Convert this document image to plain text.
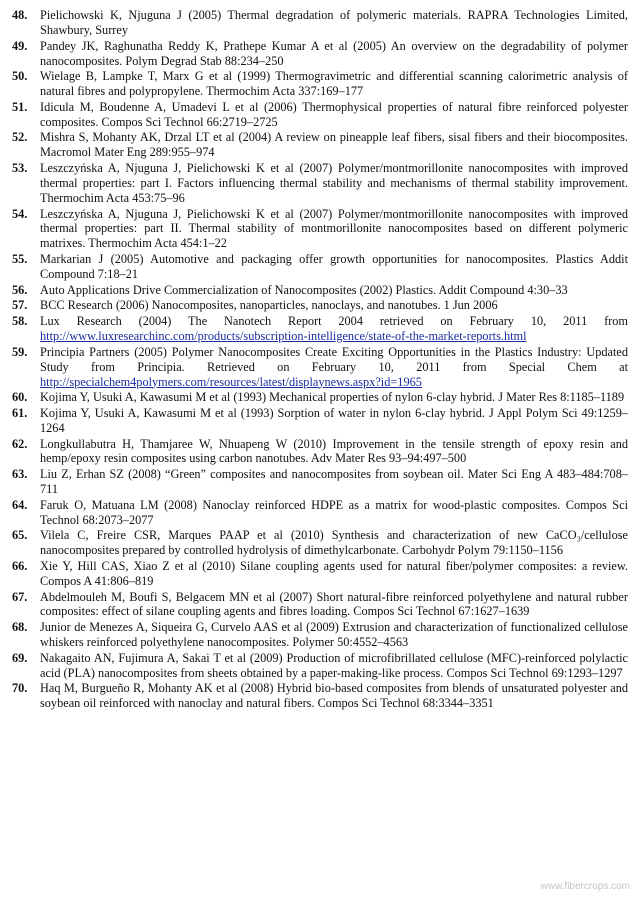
48. Pielichowski K, Njuguna J (2005) Thermal degradation of polymeric materials. RAPRA Technologies Limited, Shawbury, Surrey
49. Pandey JK, Raghunatha Reddy K, Prathepe Kumar A et al (2005) An overview on the degradability of polymer nanocomposites. Polym Degrad Stab 88:234–250
50. Wielage B, Lampke T, Marx G et al (1999) Thermogravimetric and differential scanning calorimetric analysis of natural fibres and polypropylene. Thermochim Acta 337:169–177
51. Idicula M, Boudenne A, Umadevi L et al (2006) Thermophysical properties of natural fibre reinforced polyester composites. Compos Sci Technol 66:2719–2725
52. Mishra S, Mohanty AK, Drzal LT et al (2004) A review on pineapple leaf fibers, sisal fibers and their biocomposites. Macromol Mater Eng 289:955–974
53. Leszczyńska A, Njuguna J, Pielichowski K et al (2007) Polymer/montmorillonite nanocomposites with improved thermal properties: part I. Factors influencing thermal stability and mechanisms of thermal stability improvement. Thermochim Acta 453:75–96
54. Leszczyńska A, Njuguna J, Pielichowski K et al (2007) Polymer/montmorillonite nanocomposites with improved thermal properties: part II. Thermal stability of montmorillonite nanocomposites based on different polymeric matrixes. Thermochim Acta 454:1–22
55. Markarian J (2005) Automotive and packaging offer growth opportunities for nanocomposites. Plastics Addit Compound 7:18–21
56. Auto Applications Drive Commercialization of Nanocomposites (2002) Plastics. Addit Compound 4:30–33
57. BCC Research (2006) Nanocomposites, nanoparticles, nanoclays, and nanotubes. 1 Jun 2006
58. Lux Research (2004) The Nanotech Report 2004 retrieved on February 10, 2011 from http://www.luxresearchinc.com/products/subscription-intelligence/state-of-the-market-reports.html
59. Principia Partners (2005) Polymer Nanocomposites Create Exciting Opportunities in the Plastics Industry: Updated Study from Principia. Retrieved on February 10, 2011 from Special Chem at http://specialchem4polymers.com/resources/latest/displaynews.aspx?id=1965
60. Kojima Y, Usuki A, Kawasumi M et al (1993) Mechanical properties of nylon 6-clay hybrid. J Mater Res 8:1185–1189
61. Kojima Y, Usuki A, Kawasumi M et al (1993) Sorption of water in nylon 6-clay hybrid. J Appl Polym Sci 49:1259–1264
62. Longkullabutra H, Thamjaree W, Nhuapeng W (2010) Improvement in the tensile strength of epoxy resin and hemp/epoxy resin composites using carbon nanotubes. Adv Mater Res 93–94:497–500
63. Liu Z, Erhan SZ (2008) “Green” composites and nanocomposites from soybean oil. Mater Sci Eng A 483–484:708–711
64. Faruk O, Matuana LM (2008) Nanoclay reinforced HDPE as a matrix for wood-plastic composites. Compos Sci Technol 68:2073–2077
65. Vilela C, Freire CSR, Marques PAAP et al (2010) Synthesis and characterization of new CaCO₃/cellulose nanocomposites prepared by controlled hydrolysis of dimethylcarbonate. Carbohydr Polym 79:1150–1156
66. Xie Y, Hill CAS, Xiao Z et al (2010) Silane coupling agents used for natural fiber/polymer composites: a review. Compos A 41:806–819
67. Abdelmouleh M, Boufi S, Belgacem MN et al (2007) Short natural-fibre reinforced polyethylene and natural rubber composites: effect of silane coupling agents and fibres loading. Compos Sci Technol 67:1627–1639
68. Junior de Menezes A, Siqueira G, Curvelo AAS et al (2009) Extrusion and characterization of functionalized cellulose whiskers reinforced polyethylene nanocomposites. Polymer 50:4552–4563
69. Nakagaito AN, Fujimura A, Sakai T et al (2009) Production of microfibrillated cellulose (MFC)-reinforced polylactic acid (PLA) nanocomposites from sheets obtained by a paper-making-like process. Compos Sci Technol 69:1293–1297
70. Haq M, Burgueño R, Mohanty AK et al (2008) Hybrid bio-based composites from blends of unsaturated polyester and soybean oil reinforced with nanoclay and natural fibers. Compos Sci Technol 68:3344–3351
www.fibercrops.com
